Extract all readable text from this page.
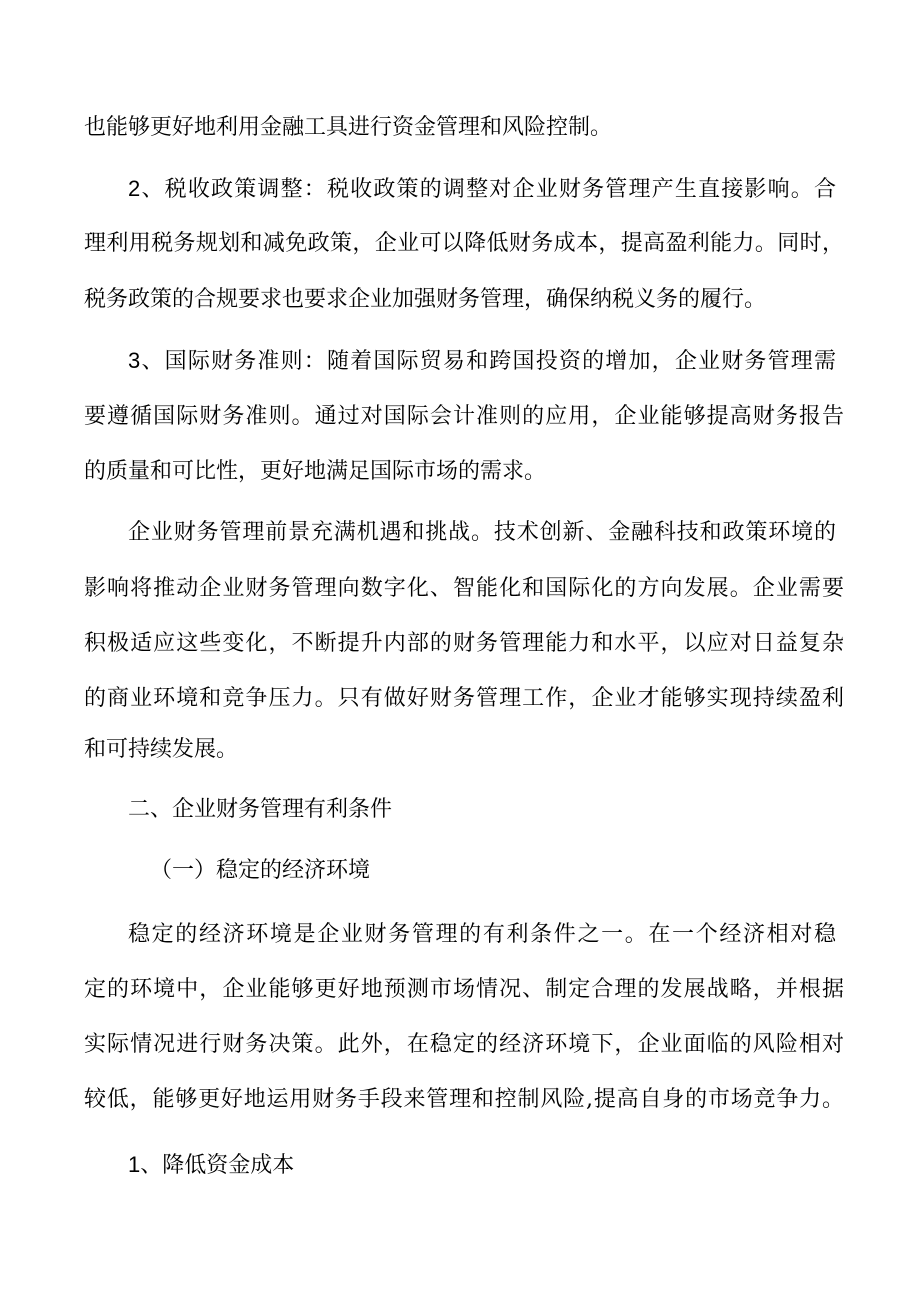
也能够更好地利用金融工具进行资金管理和风险控制。
2、税收政策调整：税收政策的调整对企业财务管理产生直接影响。合
理利用税务规划和减免政策，企业可以降低财务成本，提高盈利能力。同时，
税务政策的合规要求也要求企业加强财务管理，确保纳税义务的履行。
3、国际财务准则：随着国际贸易和跨国投资的增加，企业财务管理需
要遵循国际财务准则。通过对国际会计准则的应用，企业能够提高财务报告
的质量和可比性，更好地满足国际市场的需求。
企业财务管理前景充满机遇和挑战。技术创新、金融科技和政策环境的
影响将推动企业财务管理向数字化、智能化和国际化的方向发展。企业需要
积极适应这些变化，不断提升内部的财务管理能力和水平，以应对日益复杂
的商业环境和竞争压力。只有做好财务管理工作，企业才能够实现持续盈利
和可持续发展。
二、企业财务管理有利条件
（一）稳定的经济环境
稳定的经济环境是企业财务管理的有利条件之一。在一个经济相对稳
定的环境中，企业能够更好地预测市场情况、制定合理的发展战略，并根据
实际情况进行财务决策。此外，在稳定的经济环境下，企业面临的风险相对
较低，能够更好地运用财务手段来管理和控制风险,提高自身的市场竞争力。
1、降低资金成本
